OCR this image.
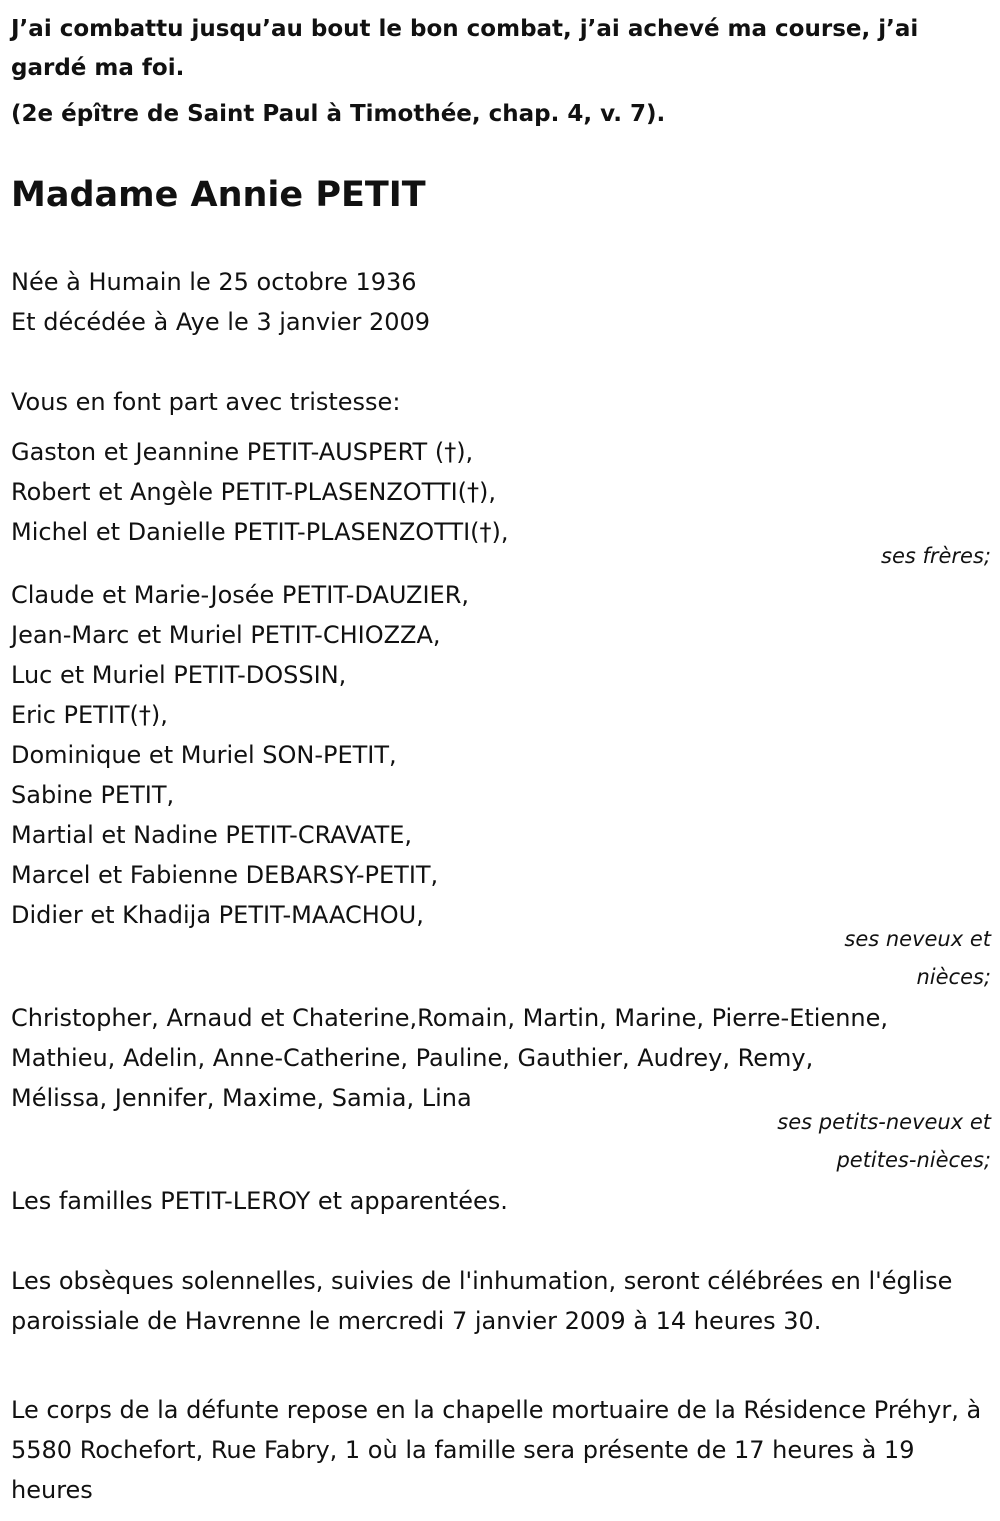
J’ai combattu jusqu’au bout le bon combat, j’ai achevé ma course, j’ai gardé ma foi.
(2e épître de Saint Paul à Timothée, chap. 4, v. 7).
Madame Annie PETIT
Née à Humain le 25 octobre 1936
Et décédée à Aye le 3 janvier 2009
Vous en font part avec tristesse:
Gaston et Jeannine PETIT-AUSPERT (†),
Robert et Angèle PETIT-PLASENZOTTI(†),
Michel et Danielle PETIT-PLASENZOTTI(†),
ses frères;
Claude et Marie-Josée PETIT-DAUZIER,
Jean-Marc et Muriel PETIT-CHIOZZA,
Luc et Muriel PETIT-DOSSIN,
Eric PETIT(†),
Dominique et Muriel SON-PETIT,
Sabine PETIT,
Martial et Nadine PETIT-CRAVATE,
Marcel et Fabienne DEBARSY-PETIT,
Didier et Khadija PETIT-MAACHOU,
ses neveux et
nièces;
Christopher, Arnaud et Chaterine,Romain, Martin, Marine, Pierre-Etienne,
Mathieu, Adelin, Anne-Catherine, Pauline, Gauthier, Audrey, Remy,
Mélissa, Jennifer, Maxime, Samia, Lina
ses petits-neveux et
petites-nièces;
Les familles PETIT-LEROY et apparentées.
Les obsèques solennelles, suivies de l'inhumation, seront célébrées en l'église paroissiale de Havrenne le mercredi 7 janvier 2009 à 14 heures 30.
Le corps de la défunte repose en la chapelle mortuaire de la Résidence Préhyr, à 5580 Rochefort, Rue Fabry, 1 où la famille sera présente de 17 heures à 19 heures
